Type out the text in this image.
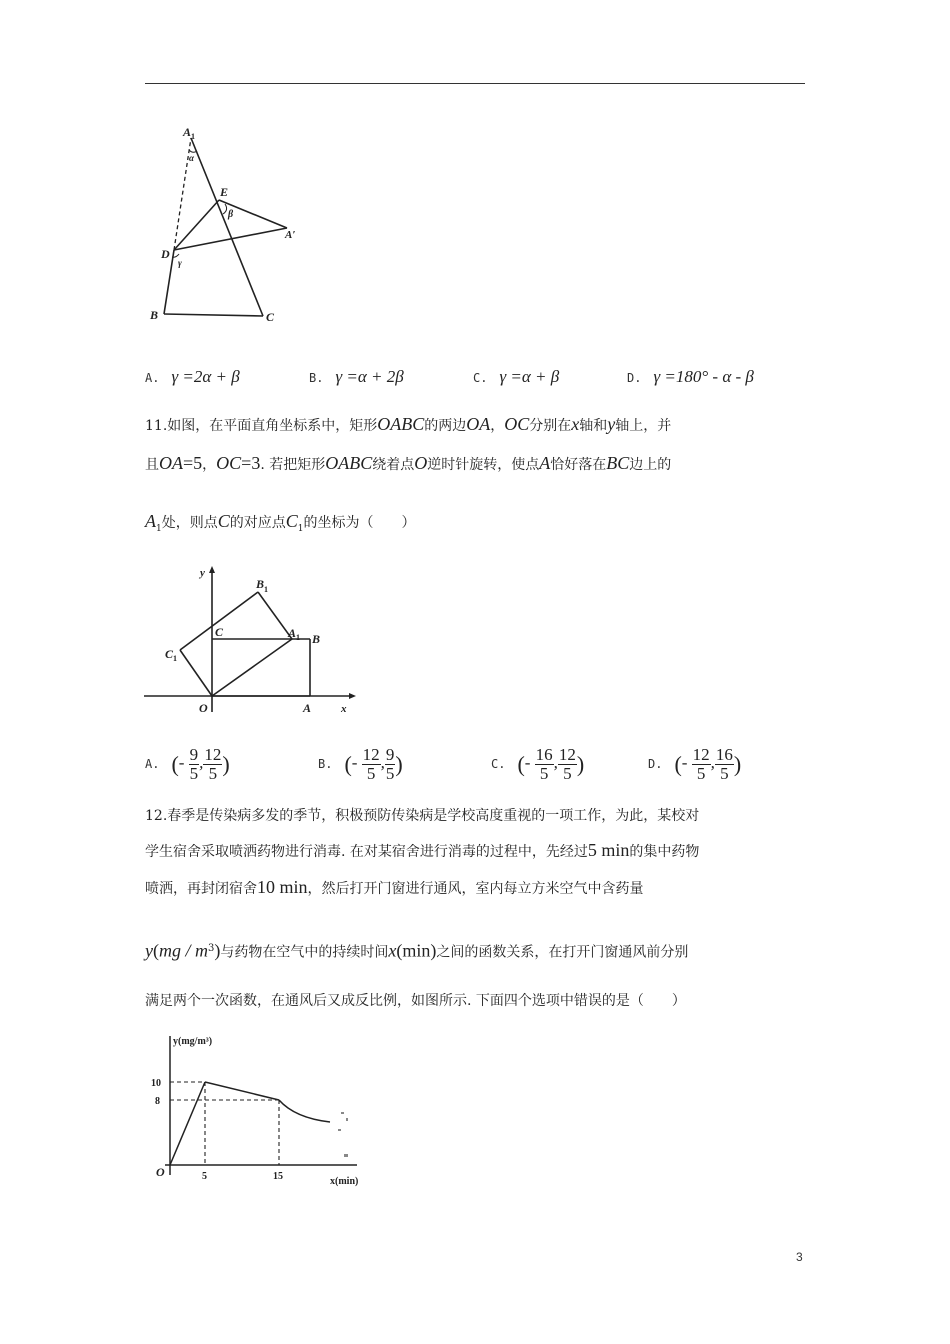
A 1
α
E
β
A′
D
γ
B	C
A. γ =2α + β	B. γ =α + 2β	C. γ =α + β	D. γ =180° - α - β
11.如图，在平面直角坐标系中，矩形OABC的两边OA，OC分别在x轴和y轴上，并
且OA=5，OC=3. 若把矩形OABC绕着点O逆时针旋转，使点A恰好落在BC边上的
$A_1$处，则点C的对应点$C_1$的坐标为（　　）
y
x
O	A
B
C
B 1
A 1
C 1
A. (- $\frac{9}{5}$ , $\frac{12}{5}$ )	B. (- $\frac{12}{5}$ , $\frac{9}{5}$ )	C. (- $\frac{16}{5}$ , $\frac{12}{5}$ )	D. (- $\frac{12}{5}$ , $\frac{16}{5}$ )
12.春季是传染病多发的季节，积极预防传染病是学校高度重视的一项工作，为此，某校对
学生宿舍采取喷洒药物进行消毒. 在对某宿舍进行消毒的过程中，先经过5 min的集中药物
喷洒，再封闭宿舍10 min，然后打开门窗进行通风，室内每立方米空气中含药量
$y(mg / m^3)$与药物在空气中的持续时间x(min)之间的函数关系，在打开门窗通风前分别
满足两个一次函数，在通风后又成反比例，如图所示. 下面四个选项中错误的是（　　）
y(mg/m³)
x(min)
O
10
8
5	15
3
